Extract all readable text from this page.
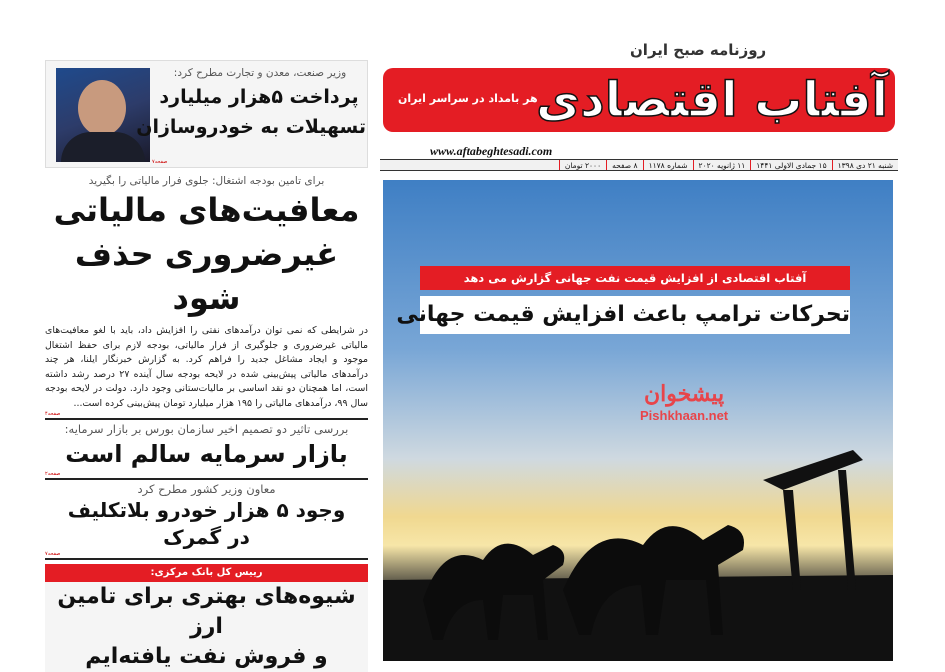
آفتاب اقتصادی
روزنامه صبح ایران
هر بامداد در سراسر ایران
www.aftabeghtesadi.com
شنبه ۲۱ دی ۱۳۹۸
۱۵ جمادی الاولی ۱۴۴۱
۱۱ ژانویه ۲۰۲۰
شماره ۱۱۷۸
۸ صفحه
۲۰۰۰ تومان
آفتاب اقتصادی از افزایش قیمت نفت جهانی گزارش می دهد
تحرکات ترامپ باعث افزایش قیمت جهانی
پیشخوان
Pishkhaan.net
وزیر صنعت، معدن و تجارت مطرح کرد:
پرداخت ۵هزار میلیارد
تسهیلات به خودروسازان
صفحه۷
برای تامین بودجه اشتغال: جلوی فرار مالیاتی را بگیرید
معافیت‌های مالیاتی
غیرضروری حذف شود
در شرایطی که نمی توان درآمدهای نفتی را افزایش داد، باید با لغو معافیت‌های مالیاتی غیرضروری و جلوگیری از فرار مالیاتی، بودجه لازم برای حفظ اشتغال موجود و ایجاد مشاغل جدید را فراهم کرد. به گزارش خبرنگار ایلنا، هر چند درآمدهای مالیاتی پیش‌بینی شده در لایحه بودجه سال آینده ۲۷ درصد رشد داشته است، اما همچنان دو نقد اساسی بر مالیات‌ستانی وجود دارد. دولت در لایحه بودجه سال ۹۹، درآمدهای مالیاتی را ۱۹۵ هزار میلیارد تومان پیش‌بینی کرده است...
صفحه۴
بررسی تاثیر دو تصمیم اخیر سازمان بورس بر بازار سرمایه:
بازار سرمایه سالم است
صفحه۲
معاون وزیر کشور مطرح کرد
وجود ۵ هزار خودرو بلاتکلیف
در گمرک
صفحه۷
رییس کل بانک مرکزی:
شیوه‌های بهتری برای تامین ارز
و فروش نفت یافته‌ایم
